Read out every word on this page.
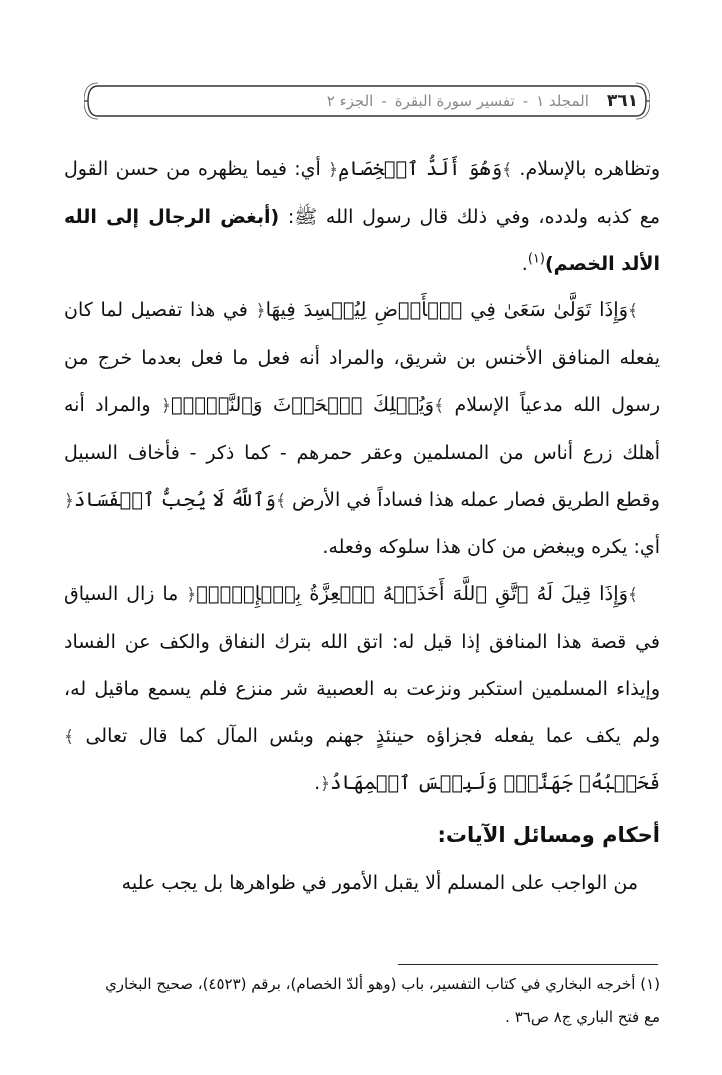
٣٦١
المجلد ١
-
تفسير سورة البقرة
-
الجزء ٢

وتظاهره بالإسلام. ﴾وَهُوَ أَلَدُّ ٱلۡخِصَامِ﴿ أي: فيما يظهره من حسن القول مع كذبه ولدده، وفي ذلك قال رسول الله ﷺ: (أبغض الرجال إلى الله الألد الخصم)$^{(١)}$.

﴾وَإِذَا تَوَلَّىٰ سَعَىٰ فِي ٱلۡأَرۡضِ لِيُفۡسِدَ فِيهَا﴿ في هذا تفصيل لما كان يفعله المنافق الأخنس بن شريق، والمراد أنه فعل ما فعل بعدما خرج من رسول الله مدعياً الإسلام ﴾وَيُهۡلِكَ ٱلۡحَرۡثَ وَٱلنَّسۡلَۗ﴿ والمراد أنه أهلك زرع أناس من المسلمين وعقر حمرهم - كما ذكر - فأخاف السبيل وقطع الطريق فصار عمله هذا فساداً في الأرض ﴾وَٱللَّهُ لَا يُحِبُّ ٱلۡفَسَادَ﴿ أي: يكره ويبغض من كان هذا سلوكه وفعله.

﴾وَإِذَا قِيلَ لَهُ ٱتَّقِ ٱللَّهَ أَخَذَتۡهُ ٱلۡعِزَّةُ بِٱلۡإِثۡمِۚ﴿ ما زال السياق في قصة هذا المنافق إذا قيل له: اتق الله بترك النفاق والكف عن الفساد وإيذاء المسلمين استكبر ونزعت به العصبية شر منزع فلم يسمع ماقيل له، ولم يكف عما يفعله فجزاؤه حينئذٍ جهنم وبئس المآل كما قال تعالى ﴾فَحَسۡبُهُۥ جَهَنَّمُۖ وَلَبِئۡسَ ٱلۡمِهَادُ﴿.

أحكام ومسائل الآيات:

من الواجب على المسلم ألا يقبل الأمور في ظواهرها بل يجب عليه

(١) أخرجه البخاري في كتاب التفسير، باب (وهو ألدّ الخصام)، برقم (٤٥٢٣)، صحيح البخاري

مع فتح الباري ج٨ ص٣٦ .
